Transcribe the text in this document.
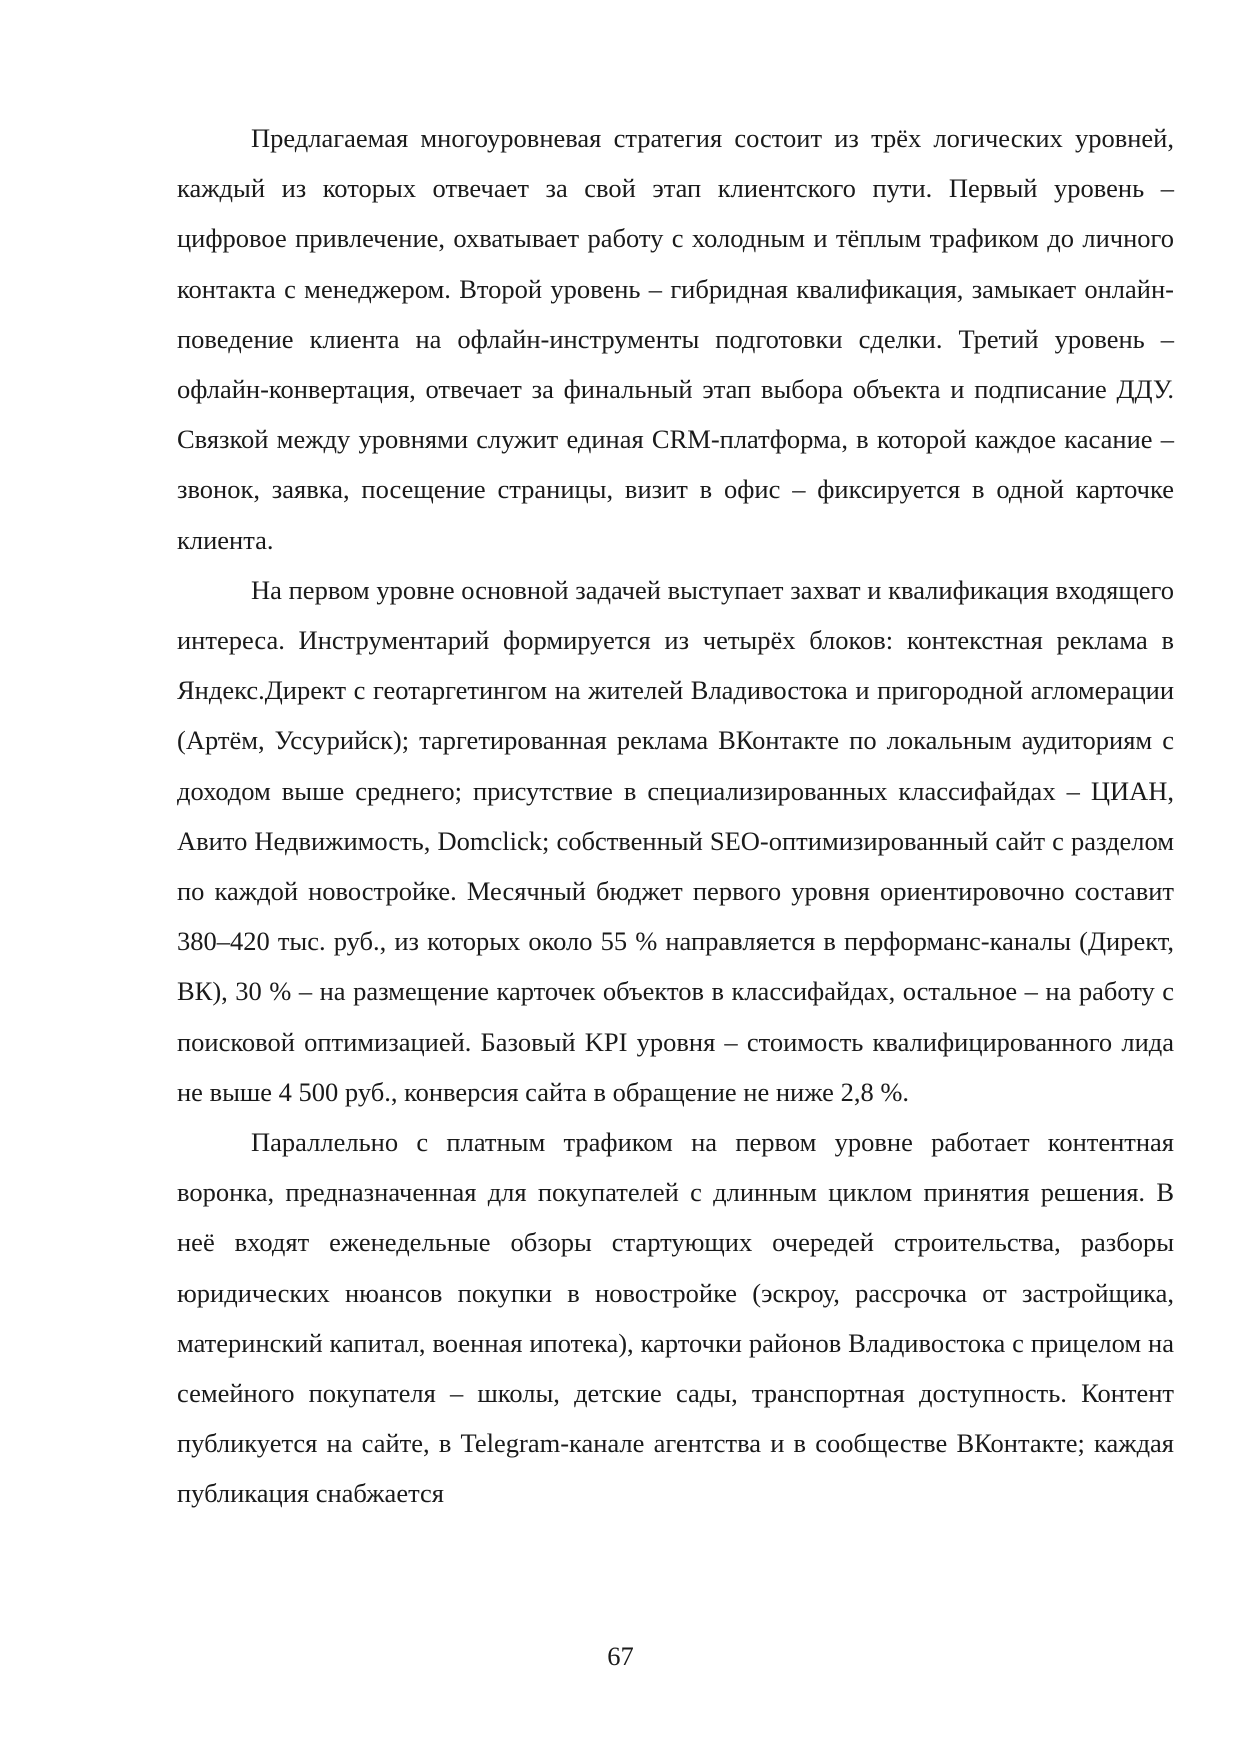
Предлагаемая многоуровневая стратегия состоит из трёх логических уровней, каждый из которых отвечает за свой этап клиентского пути. Первый уровень – цифровое привлечение, охватывает работу с холодным и тёплым трафиком до личного контакта с менеджером. Второй уровень – гибридная квалификация, замыкает онлайн-поведение клиента на офлайн-инструменты подготовки сделки. Третий уровень – офлайн-конвертация, отвечает за финальный этап выбора объекта и подписание ДДУ. Связкой между уровнями служит единая CRM-платформа, в которой каждое касание – звонок, заявка, посещение страницы, визит в офис – фиксируется в одной карточке клиента.

На первом уровне основной задачей выступает захват и квалификация входящего интереса. Инструментарий формируется из четырёх блоков: контекстная реклама в Яндекс.Директ с геотаргетингом на жителей Владивостока и пригородной агломерации (Артём, Уссурийск); таргетированная реклама ВКонтакте по локальным аудиториям с доходом выше среднего; присутствие в специализированных классифайдах – ЦИАН, Авито Недвижимость, Domclick; собственный SEO-оптимизированный сайт с разделом по каждой новостройке. Месячный бюджет первого уровня ориентировочно составит 380–420 тыс. руб., из которых около 55 % направляется в перформанс-каналы (Директ, ВК), 30 % – на размещение карточек объектов в классифайдах, остальное – на работу с поисковой оптимизацией. Базовый KPI уровня – стоимость квалифицированного лида не выше 4 500 руб., конверсия сайта в обращение не ниже 2,8 %.

Параллельно с платным трафиком на первом уровне работает контентная воронка, предназначенная для покупателей с длинным циклом принятия решения. В неё входят еженедельные обзоры стартующих очередей строительства, разборы юридических нюансов покупки в новостройке (эскроу, рассрочка от застройщика, материнский капитал, военная ипотека), карточки районов Владивостока с прицелом на семейного покупателя – школы, детские сады, транспортная доступность. Контент публикуется на сайте, в Telegram-канале агентства и в сообществе ВКонтакте; каждая публикация снабжается

67
